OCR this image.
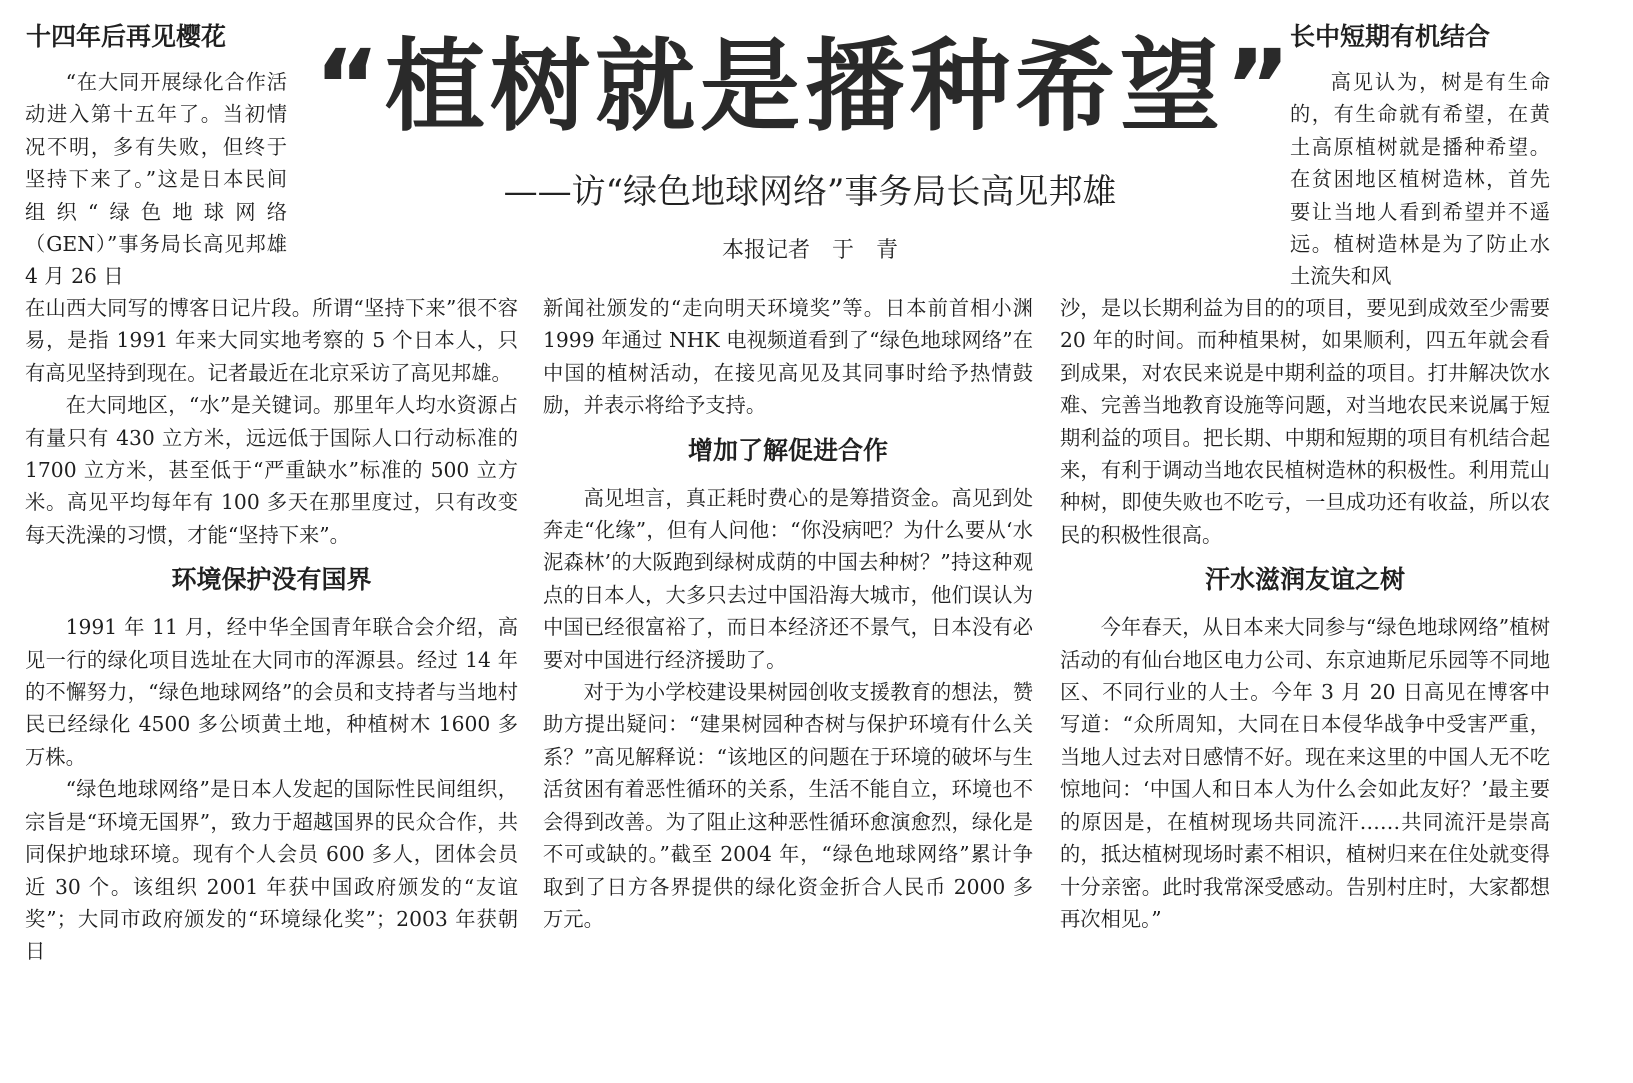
“植树就是播种希望”
——访“绿色地球网络”事务局长高见邦雄
本报记者　于　青
十四年后再见樱花

“在大同开展绿化合作活动进入第十五年了。当初情况不明，多有失败，但终于坚持下来了。”这是日本民间组织“绿色地球网络（GEN）”事务局长高见邦雄 4 月 26 日

长中短期有机结合

高见认为，树是有生命的，有生命就有希望，在黄土高原植树就是播种希望。在贫困地区植树造林，首先要让当地人看到希望并不遥远。植树造林是为了防止水土流失和风

在山西大同写的博客日记片段。所谓“坚持下来”很不容易，是指 1991 年来大同实地考察的 5 个日本人，只有高见坚持到现在。记者最近在北京采访了高见邦雄。

在大同地区，“水”是关键词。那里年人均水资源占有量只有 430 立方米，远远低于国际人口行动标准的 1700 立方米，甚至低于“严重缺水”标准的 500 立方米。高见平均每年有 100 多天在那里度过，只有改变每天洗澡的习惯，才能“坚持下来”。

环境保护没有国界

1991 年 11 月，经中华全国青年联合会介绍，高见一行的绿化项目选址在大同市的浑源县。经过 14 年的不懈努力，“绿色地球网络”的会员和支持者与当地村民已经绿化 4500 多公顷黄土地，种植树木 1600 多万株。

“绿色地球网络”是日本人发起的国际性民间组织，宗旨是“环境无国界”，致力于超越国界的民众合作，共同保护地球环境。现有个人会员 600 多人，团体会员近 30 个。该组织 2001 年获中国政府颁发的“友谊奖”；大同市政府颁发的“环境绿化奖”；2003 年获朝日

新闻社颁发的“走向明天环境奖”等。日本前首相小渊 1999 年通过 NHK 电视频道看到了“绿色地球网络”在中国的植树活动，在接见高见及其同事时给予热情鼓励，并表示将给予支持。

增加了解促进合作

高见坦言，真正耗时费心的是筹措资金。高见到处奔走“化缘”，但有人问他：“你没病吧？为什么要从‘水泥森林’的大阪跑到绿树成荫的中国去种树？”持这种观点的日本人，大多只去过中国沿海大城市，他们误认为中国已经很富裕了，而日本经济还不景气，日本没有必要对中国进行经济援助了。

对于为小学校建设果树园创收支援教育的想法，赞助方提出疑问：“建果树园种杏树与保护环境有什么关系？”高见解释说：“该地区的问题在于环境的破坏与生活贫困有着恶性循环的关系，生活不能自立，环境也不会得到改善。为了阻止这种恶性循环愈演愈烈，绿化是不可或缺的。”截至 2004 年，“绿色地球网络”累计争取到了日方各界提供的绿化资金折合人民币 2000 多万元。

沙，是以长期利益为目的的项目，要见到成效至少需要 20 年的时间。而种植果树，如果顺利，四五年就会看到成果，对农民来说是中期利益的项目。打井解决饮水难、完善当地教育设施等问题，对当地农民来说属于短期利益的项目。把长期、中期和短期的项目有机结合起来，有利于调动当地农民植树造林的积极性。利用荒山种树，即使失败也不吃亏，一旦成功还有收益，所以农民的积极性很高。

汗水滋润友谊之树

今年春天，从日本来大同参与“绿色地球网络”植树活动的有仙台地区电力公司、东京迪斯尼乐园等不同地区、不同行业的人士。今年 3 月 20 日高见在博客中写道：“众所周知，大同在日本侵华战争中受害严重，当地人过去对日感情不好。现在来这里的中国人无不吃惊地问：‘中国人和日本人为什么会如此友好？’最主要的原因是，在植树现场共同流汗……共同流汗是崇高的，抵达植树现场时素不相识，植树归来在住处就变得十分亲密。此时我常深受感动。告别村庄时，大家都想再次相见。”
